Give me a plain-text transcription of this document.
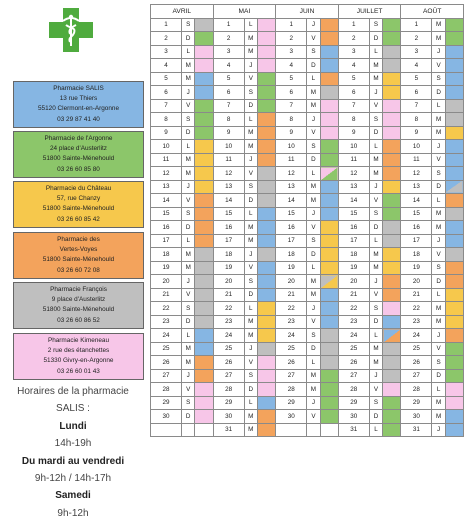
Pharmacie SALIS
13 rue Thiers
55120 Clermont-en-Argonne
03 29 87 41 40
Pharmacie de l'Argonne
24 place d'Austerlitz
51800 Sainte-Ménehould
03 26 60 85 80
Pharmacie du Château
57, rue Chanzy
51800 Sainte-Ménehould
03 26 60 85 42
Pharmacie des
Vertes-Voyes
51800 Sainte-Ménehould
03 26 60 72 08
Pharmacie François
9 place d'Austerlitz
51800 Sainte-Ménehould
03 26 60 86 52
Pharmacie Kimeneau
2 rue des étanchettes
51330 Givry-en-Argonne
03 26 60 01 43
Horaires de la pharmacie
SALIS :
Lundi
14h-19h
Du mardi au vendredi
9h-12h / 14h-17h
Samedi
9h-12h
AVRIL			MAI			JUIN			JUILLET			AOÛT		
1	S		1	L		1	J		1	S		1	M	
2	D		2	M		2	V		2	D		2	M	
3	L		3	M		3	S		3	L		3	J	
4	M		4	J		4	D		4	M		4	V	
5	M		5	V		5	L		5	M		5	S	
6	J		6	S		6	M		6	J		6	D	
7	V		7	D		7	M		7	V		7	L	
8	S		8	L		8	J		8	S		8	M	
9	D		9	M		9	V		9	D		9	M	
10	L		10	M		10	S		10	L		10	J	
11	M		11	J		11	D		11	M		11	V	
12	M		12	V		12	L		12	M		12	S	
13	J		13	S		13	M		13	J		13	D	
14	V		14	D		14	M		14	V		14	L	
15	S		15	L		15	J		15	S		15	M	
16	D		16	M		16	V		16	D		16	M	
17	L		17	M		17	S		17	L		17	J	
18	M		18	J		18	D		18	M		18	V	
19	M		19	V		19	L		19	M		19	S	
20	J		20	S		20	M		20	J		20	D	
21	V		21	D		21	M		21	V		21	L	
22	S		22	L		22	J		22	S		22	M	
23	D		23	M		23	V		23	D		23	M	
24	L		24	M		24	S		24	L		24	J	
25	M		25	J		25	D		25	M		25	V	
26	M		26	V		26	L		26	M		26	S	
27	J		27	S		27	M		27	J		27	D	
28	V		28	D		28	M		28	V		28	L	
29	S		29	L		29	J		29	S		29	M	
30	D		30	M		30	V		30	D		30	M	
			31	M					31	L		31	J	
